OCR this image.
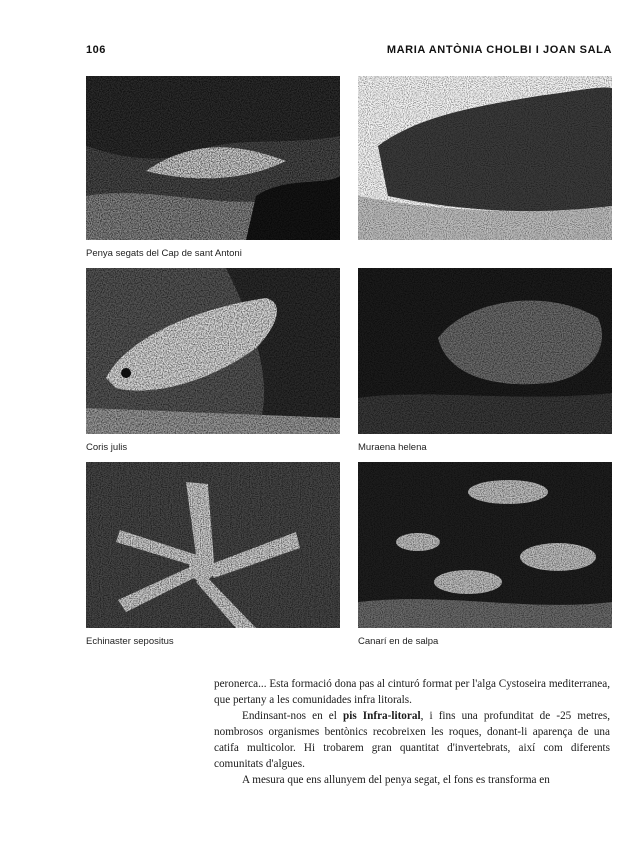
106	MARIA ANTÒNIA CHOLBI I JOAN SALA
Penya segats del Cap de sant Antoni
Coris julis	Muraena helena
Echinaster sepositus	Canarí en de salpa

peronerca... Esta formació dona pas al cinturó format per l'alga Cystoseira mediterranea, que pertany a les comunidades infra litorals.

Endinsant-nos en el pis Infra-litoral, i fins una profunditat de -25 metres, nombrosos organismes bentònics recobreixen les roques, donant-li aparença de una catifa multicolor. Hi trobarem gran quantitat d'invertebrats, així com diferents comunitats d'algues.

A mesura que ens allunyem del penya segat, el fons es transforma en
